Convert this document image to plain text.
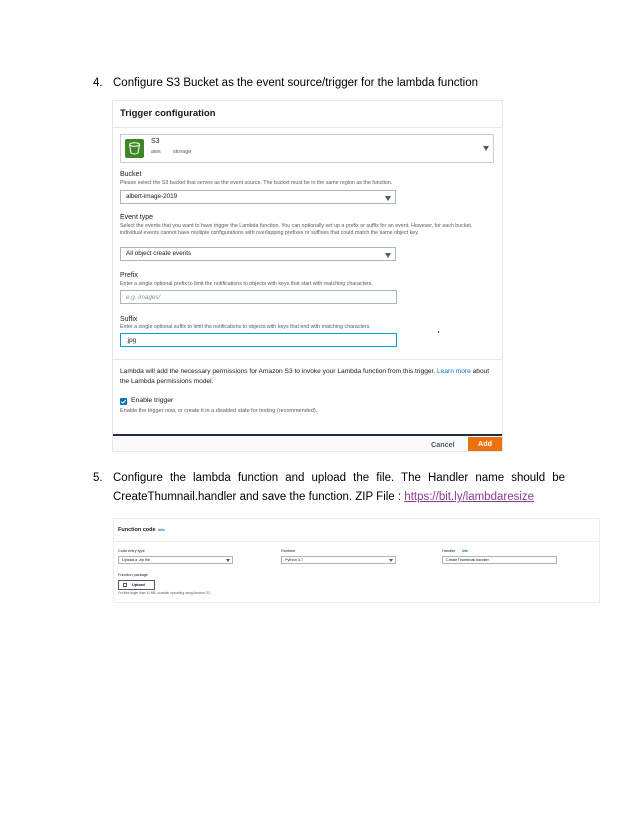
4. Configure S3 Bucket as the event source/trigger for the lambda function
Trigger configuration
S3
aws storage
Bucket
Please select the S3 bucket that serves as the event source. The bucket must be in the same region as the function.
albert-image-2019
Event type
Select the events that you want to have trigger the Lambda function. You can optionally set up a prefix or suffix for an event. However, for each bucket, individual events cannot have multiple configurations with overlapping prefixes or suffixes that could match the same object key.
All object create events
Prefix
Enter a single optional prefix to limit the notifications to objects with keys that start with matching characters.
e.g. images/
Suffix
Enter a single optional suffix to limit the notifications to objects with keys that end with matching characters.
.jpg
Lambda will add the necessary permissions for Amazon S3 to invoke your Lambda function from this trigger. Learn more about the Lambda permissions model.
Enable trigger
Enable the trigger now, or create it in a disabled state for testing (recommended).
Cancel	Add
5. Configure the lambda function and upload the file. The Handler name should be CreateThumnail.handler and save the function. ZIP File : https://bit.ly/lambdaresize
Function code Info
Code entry type
Upload a .zip file
Runtime
Python 3.7
Handler Info
CreateThumbnail.handler
Function package
Upload
For files larger than 10 MB, consider uploading using Amazon S3.
